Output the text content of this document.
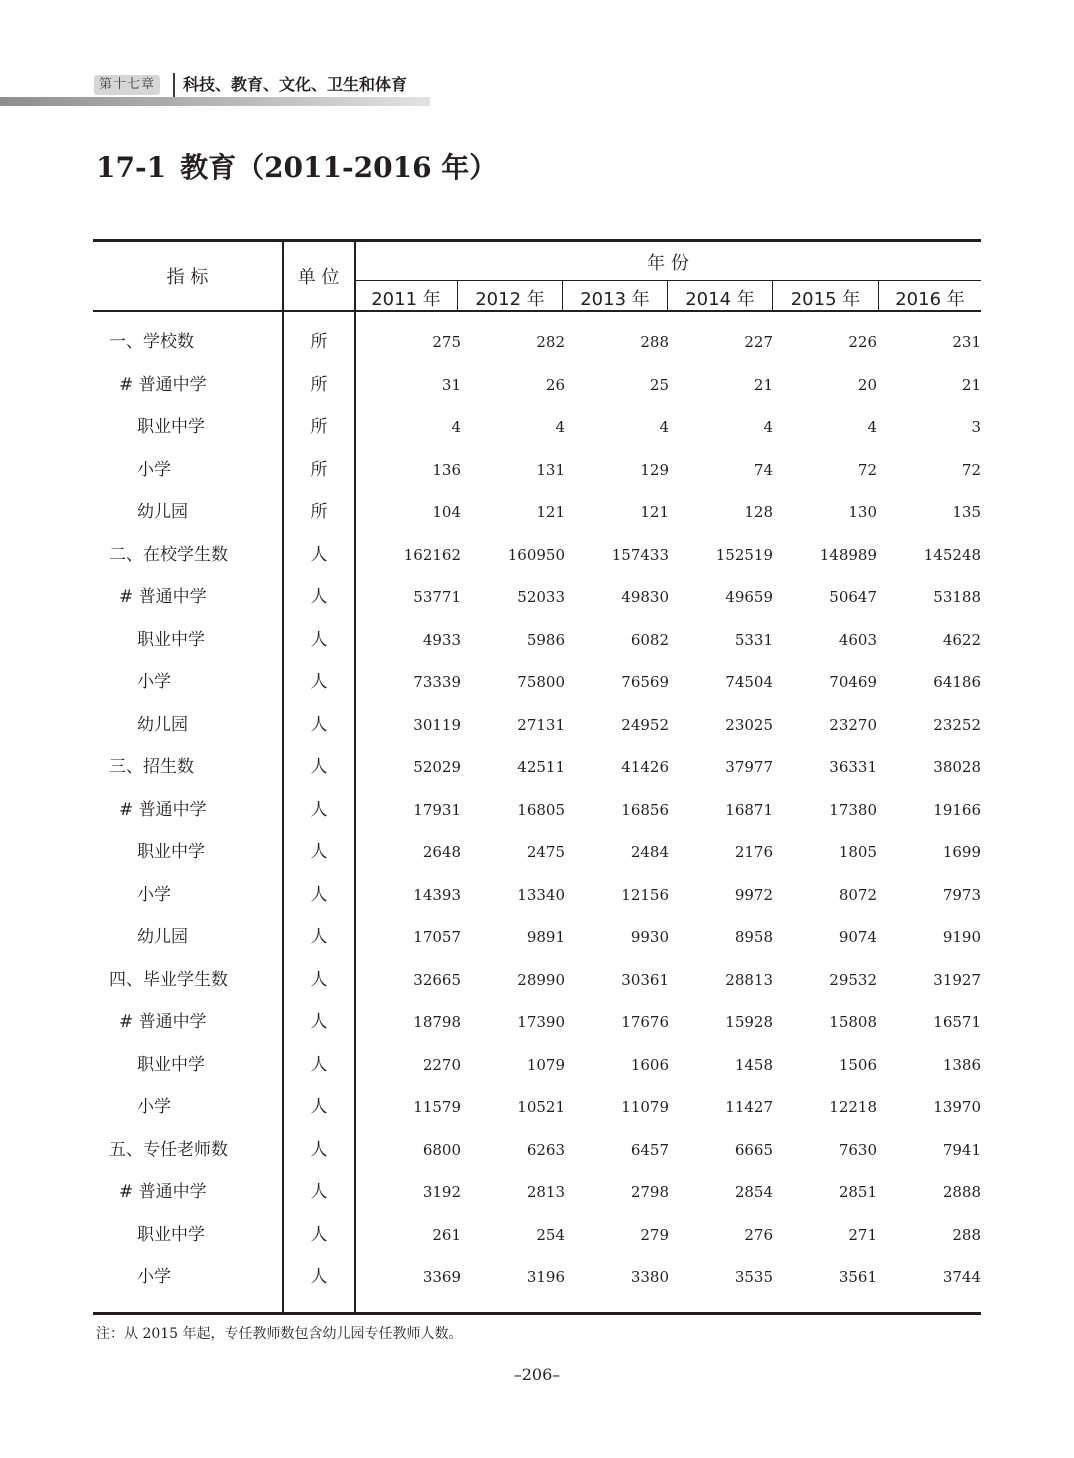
第十七章	科技、教育、文化、卫生和体育
17-1 教育（2011-2016 年）
指 标	单 位
年 份
2011 年	2012 年	2013 年	2014 年	2015 年	2016 年
一、学校数	所	275	282	288	227	226	231
# 普通中学	所	31	26	25	21	20	21
职业中学	所	4	4	4	4	4	3
小学	所	136	131	129	74	72	72
幼儿园	所	104	121	121	128	130	135
二、在校学生数	人	162162	160950	157433	152519	148989	145248
# 普通中学	人	53771	52033	49830	49659	50647	53188
职业中学	人	4933	5986	6082	5331	4603	4622
小学	人	73339	75800	76569	74504	70469	64186
幼儿园	人	30119	27131	24952	23025	23270	23252
三、招生数	人	52029	42511	41426	37977	36331	38028
# 普通中学	人	17931	16805	16856	16871	17380	19166
职业中学	人	2648	2475	2484	2176	1805	1699
小学	人	14393	13340	12156	9972	8072	7973
幼儿园	人	17057	9891	9930	8958	9074	9190
四、毕业学生数	人	32665	28990	30361	28813	29532	31927
# 普通中学	人	18798	17390	17676	15928	15808	16571
职业中学	人	2270	1079	1606	1458	1506	1386
小学	人	11579	10521	11079	11427	12218	13970
五、专任老师数	人	6800	6263	6457	6665	7630	7941
# 普通中学	人	3192	2813	2798	2854	2851	2888
职业中学	人	261	254	279	276	271	288
小学	人	3369	3196	3380	3535	3561	3744
注：从 2015 年起，专任教师数包含幼儿园专任教师人数。
–206–
